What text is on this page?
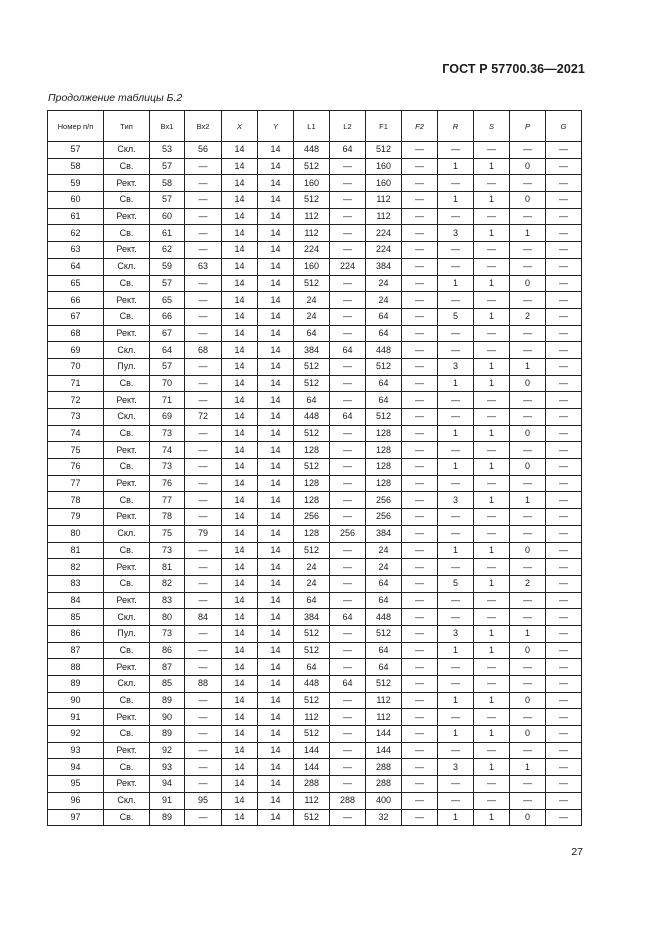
ГОСТ Р 57700.36—2021
Продолжение таблицы Б.2
Номер п/п	Тип	Вх1	Вх2	X	Y	L1	L2	F1	F2	R	S	P	G
57	Скл.	53	56	14	14	448	64	512	—	—	—	—	—
58	Св.	57	—	14	14	512	—	160	—	1	1	0	—
59	Рект.	58	—	14	14	160	—	160	—	—	—	—	—
60	Св.	57	—	14	14	512	—	112	—	1	1	0	—
61	Рект.	60	—	14	14	112	—	112	—	—	—	—	—
62	Св.	61	—	14	14	112	—	224	—	3	1	1	—
63	Рект.	62	—	14	14	224	—	224	—	—	—	—	—
64	Скл.	59	63	14	14	160	224	384	—	—	—	—	—
65	Св.	57	—	14	14	512	—	24	—	1	1	0	—
66	Рект.	65	—	14	14	24	—	24	—	—	—	—	—
67	Св.	66	—	14	14	24	—	64	—	5	1	2	—
68	Рект.	67	—	14	14	64	—	64	—	—	—	—	—
69	Скл.	64	68	14	14	384	64	448	—	—	—	—	—
70	Пул.	57	—	14	14	512	—	512	—	3	1	1	—
71	Св.	70	—	14	14	512	—	64	—	1	1	0	—
72	Рект.	71	—	14	14	64	—	64	—	—	—	—	—
73	Скл.	69	72	14	14	448	64	512	—	—	—	—	—
74	Св.	73	—	14	14	512	—	128	—	1	1	0	—
75	Рект.	74	—	14	14	128	—	128	—	—	—	—	—
76	Св.	73	—	14	14	512	—	128	—	1	1	0	—
77	Рект.	76	—	14	14	128	—	128	—	—	—	—	—
78	Св.	77	—	14	14	128	—	256	—	3	1	1	—
79	Рект.	78	—	14	14	256	—	256	—	—	—	—	—
80	Скл.	75	79	14	14	128	256	384	—	—	—	—	—
81	Св.	73	—	14	14	512	—	24	—	1	1	0	—
82	Рект.	81	—	14	14	24	—	24	—	—	—	—	—
83	Св.	82	—	14	14	24	—	64	—	5	1	2	—
84	Рект.	83	—	14	14	64	—	64	—	—	—	—	—
85	Скл.	80	84	14	14	384	64	448	—	—	—	—	—
86	Пул.	73	—	14	14	512	—	512	—	3	1	1	—
87	Св.	86	—	14	14	512	—	64	—	1	1	0	—
88	Рект.	87	—	14	14	64	—	64	—	—	—	—	—
89	Скл.	85	88	14	14	448	64	512	—	—	—	—	—
90	Св.	89	—	14	14	512	—	112	—	1	1	0	—
91	Рект.	90	—	14	14	112	—	112	—	—	—	—	—
92	Св.	89	—	14	14	512	—	144	—	1	1	0	—
93	Рект.	92	—	14	14	144	—	144	—	—	—	—	—
94	Св.	93	—	14	14	144	—	288	—	3	1	1	—
95	Рект.	94	—	14	14	288	—	288	—	—	—	—	—
96	Скл.	91	95	14	14	112	288	400	—	—	—	—	—
97	Св.	89	—	14	14	512	—	32	—	1	1	0	—
27
